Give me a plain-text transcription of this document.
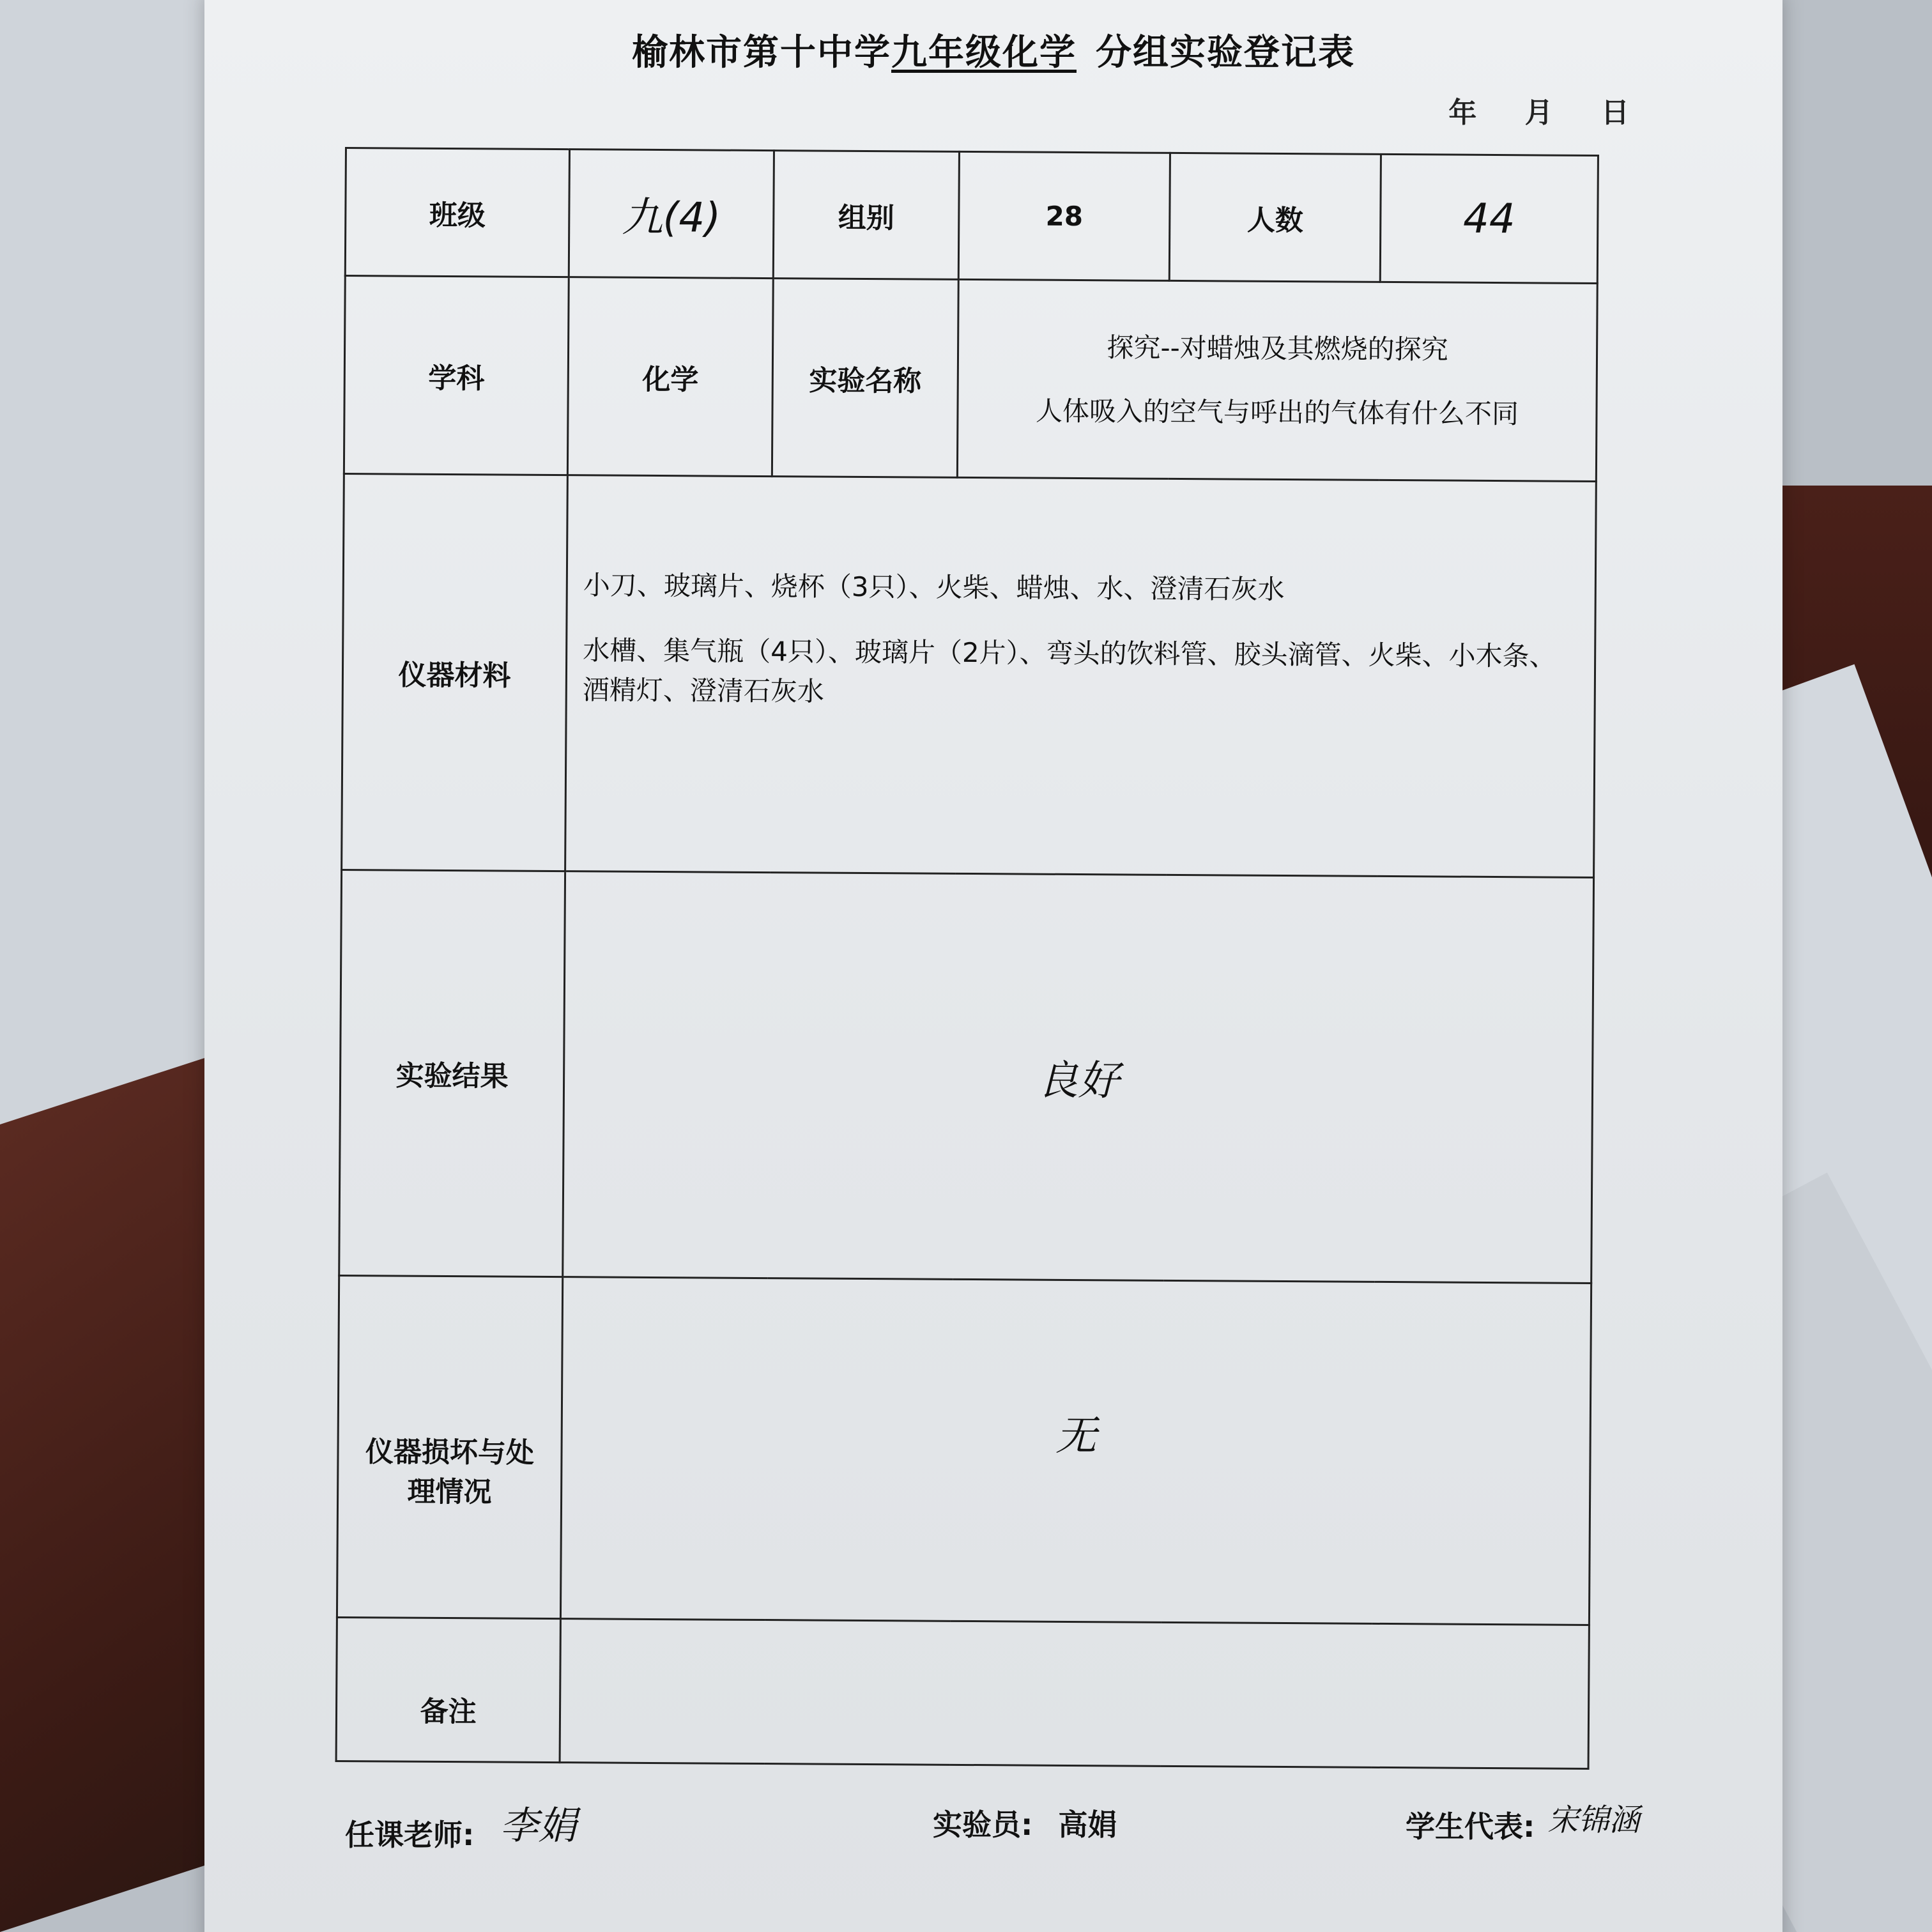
榆林市第十中学九年级化学 分组实验登记表
年 月 日
班级	九(4)	组别	28	人数	44
学科	化学	实验名称	探究--对蜡烛及其燃烧的探究
人体吸入的空气与呼出的气体有什么不同		

仪器材料	小刀、玻璃片、烧杯（3只）、火柴、蜡烛、水、澄清石灰水

水槽、集气瓶（4只）、玻璃片（2片）、弯头的饮料管、胶头滴管、火柴、小木条、酒精灯、澄清石灰水				

实验结果	良好				

仪器损坏与处
理情况	无				
备注					
任课老师: 李娟	实验员: 高娟	学生代表: 宋锦涵
